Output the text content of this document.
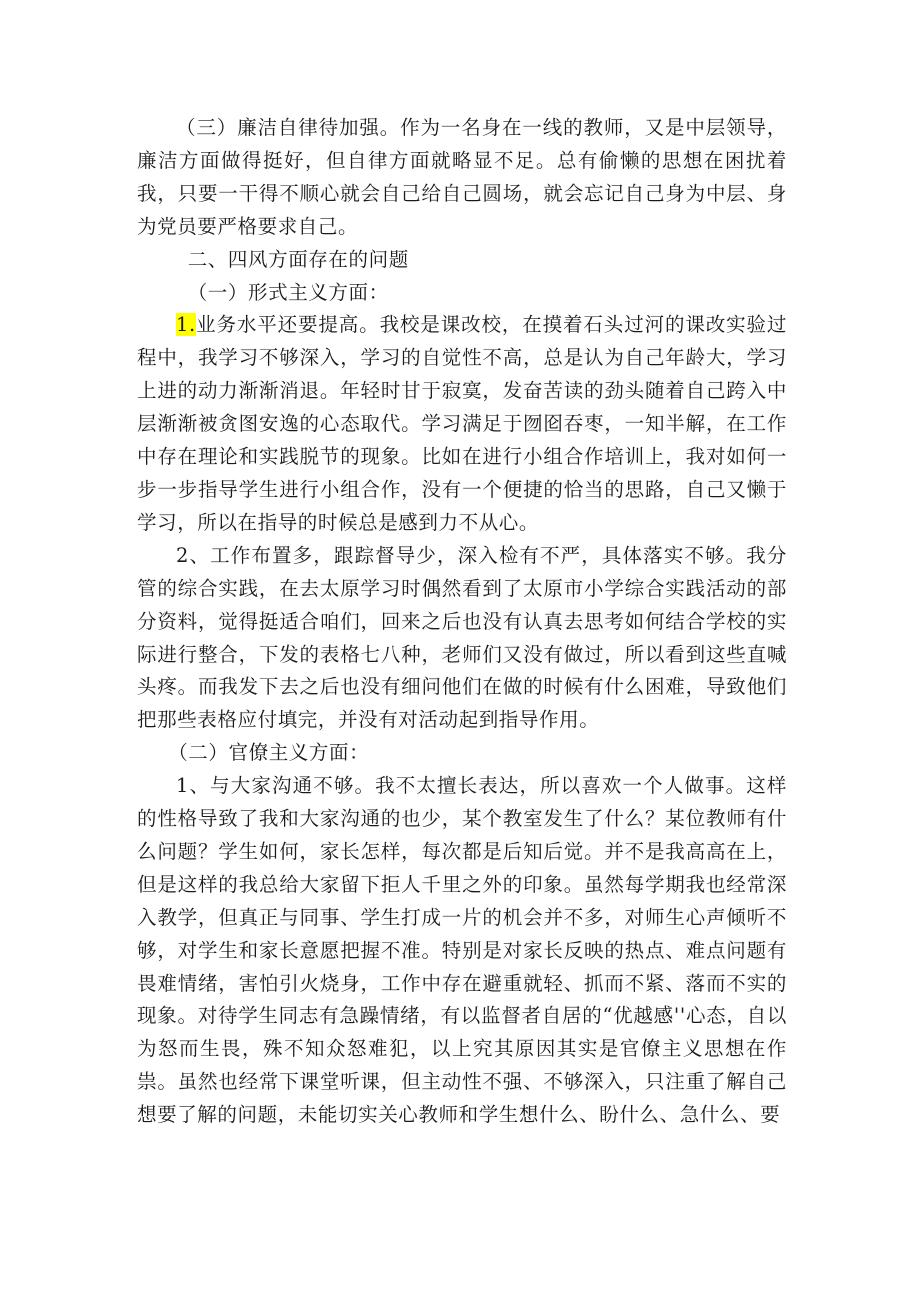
（三）廉洁自律待加强。作为一名身在一线的教师，又是中层领导，廉洁方面做得挺好，但自律方面就略显不足。总有偷懒的思想在困扰着我，只要一干得不顺心就会自己给自己圆场，就会忘记自己身为中层、身为党员要严格要求自己。

二、四风方面存在的问题

（一）形式主义方面：

1.业务水平还要提高。我校是课改校，在摸着石头过河的课改实验过程中，我学习不够深入，学习的自觉性不高，总是认为自己年龄大，学习上进的动力渐渐消退。年轻时甘于寂寞，发奋苦读的劲头随着自己跨入中层渐渐被贪图安逸的心态取代。学习满足于囫囵吞枣，一知半解，在工作中存在理论和实践脱节的现象。比如在进行小组合作培训上，我对如何一步一步指导学生进行小组合作，没有一个便捷的恰当的思路，自己又懒于学习，所以在指导的时候总是感到力不从心。

2、工作布置多，跟踪督导少，深入检有不严，具体落实不够。我分管的综合实践，在去太原学习时偶然看到了太原市小学综合实践活动的部分资料，觉得挺适合咱们，回来之后也没有认真去思考如何结合学校的实际进行整合，下发的表格七八种，老师们又没有做过，所以看到这些直喊头疼。而我发下去之后也没有细问他们在做的时候有什么困难，导致他们把那些表格应付填完，并没有对活动起到指导作用。

（二）官僚主义方面：

1、与大家沟通不够。我不太擅长表达，所以喜欢一个人做事。这样的性格导致了我和大家沟通的也少，某个教室发生了什么？某位教师有什么问题？学生如何，家长怎样，每次都是后知后觉。并不是我高高在上，但是这样的我总给大家留下拒人千里之外的印象。虽然每学期我也经常深入教学，但真正与同事、学生打成一片的机会并不多，对师生心声倾听不够，对学生和家长意愿把握不准。特别是对家长反映的热点、难点问题有畏难情绪，害怕引火烧身，工作中存在避重就轻、抓而不紧、落而不实的现象。对待学生同志有急躁情绪，有以监督者自居的“优越感''心态，自以为怒而生畏，殊不知众怒难犯，以上究其原因其实是官僚主义思想在作祟。虽然也经常下课堂听课，但主动性不强、不够深入，只注重了解自己想要了解的问题，未能切实关心教师和学生想什么、盼什么、急什么、要
